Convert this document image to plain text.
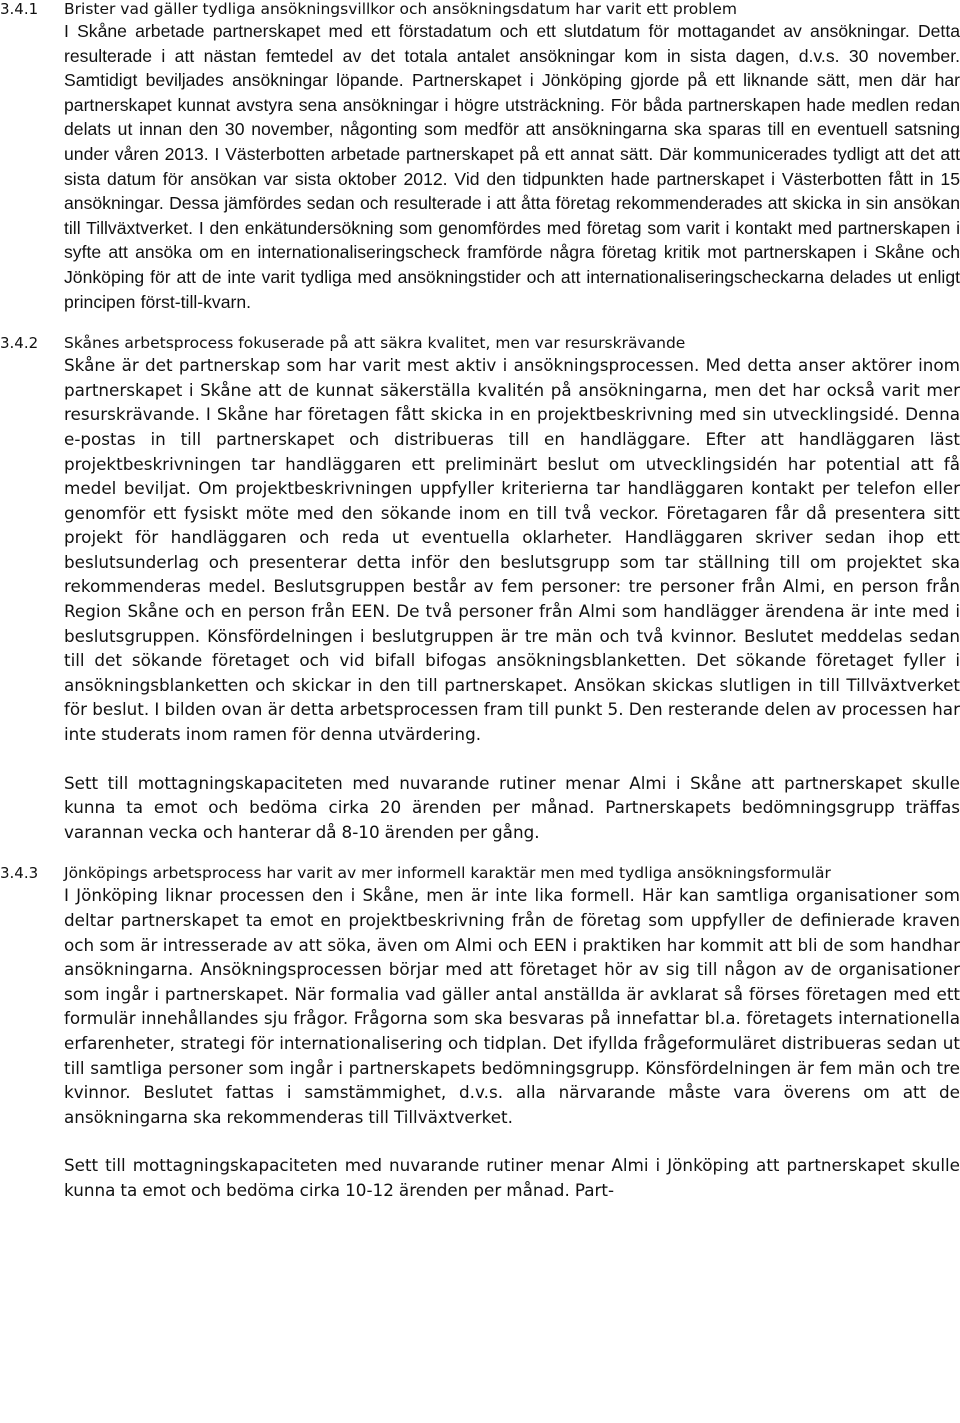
3.4.1 Brister vad gäller tydliga ansökningsvillkor och ansökningsdatum har varit ett problem

I Skåne arbetade partnerskapet med ett förstadatum och ett slutdatum för mottagandet av ansökningar. Detta resulterade i att nästan femtedel av det totala antalet ansökningar kom in sista dagen, d.v.s. 30 november. Samtidigt beviljades ansökningar löpande. Partnerskapet i Jönköping gjorde på ett liknande sätt, men där har partnerskapet kunnat avstyra sena ansökningar i högre utsträckning. För båda partnerskapen hade medlen redan delats ut innan den 30 november, någonting som medför att ansökningarna ska sparas till en eventuell satsning under våren 2013. I Västerbotten arbetade partnerskapet på ett annat sätt. Där kommunicerades tydligt att det att sista datum för ansökan var sista oktober 2012. Vid den tidpunkten hade partnerskapet i Västerbotten fått in 15 ansökningar. Dessa jämfördes sedan och resulterade i att åtta företag rekommenderades att skicka in sin ansökan till Tillväxtverket. I den enkätundersökning som genomfördes med företag som varit i kontakt med partnerskapen i syfte att ansöka om en internationaliseringscheck framförde några företag kritik mot partnerskapen i Skåne och Jönköping för att de inte varit tydliga med ansökningstider och att internationaliseringscheckarna delades ut enligt principen först-till-kvarn.

3.4.2 Skånes arbetsprocess fokuserade på att säkra kvalitet, men var resurskrävande

Skåne är det partnerskap som har varit mest aktiv i ansökningsprocessen. Med detta anser aktörer inom partnerskapet i Skåne att de kunnat säkerställa kvalitén på ansökningarna, men det har också varit mer resurskrävande. I Skåne har företagen fått skicka in en projektbeskrivning med sin utvecklingsidé. Denna e-postas in till partnerskapet och distribueras till en handläggare. Efter att handläggaren läst projektbeskrivningen tar handläggaren ett preliminärt beslut om utvecklingsidén har potential att få medel beviljat. Om projektbeskrivningen uppfyller kriterierna tar handläggaren kontakt per telefon eller genomför ett fysiskt möte med den sökande inom en till två veckor. Företagaren får då presentera sitt projekt för handläggaren och reda ut eventuella oklarheter. Handläggaren skriver sedan ihop ett beslutsunderlag och presenterar detta inför den beslutsgrupp som tar ställning till om projektet ska rekommenderas medel. Beslutsgruppen består av fem personer: tre personer från Almi, en person från Region Skåne och en person från EEN. De två personer från Almi som handlägger ärendena är inte med i beslutsgruppen. Könsfördelningen i beslutgruppen är tre män och två kvinnor. Beslutet meddelas sedan till det sökande företaget och vid bifall bifogas ansökningsblanketten. Det sökande företaget fyller i ansökningsblanketten och skickar in den till partnerskapet. Ansökan skickas slutligen in till Tillväxtverket för beslut. I bilden ovan är detta arbetsprocessen fram till punkt 5. Den resterande delen av processen har inte studerats inom ramen för denna utvärdering.

Sett till mottagningskapaciteten med nuvarande rutiner menar Almi i Skåne att partnerskapet skulle kunna ta emot och bedöma cirka 20 ärenden per månad. Partnerskapets bedömningsgrupp träffas varannan vecka och hanterar då 8-10 ärenden per gång.

3.4.3 Jönköpings arbetsprocess har varit av mer informell karaktär men med tydliga ansökningsformulär

I Jönköping liknar processen den i Skåne, men är inte lika formell. Här kan samtliga organisationer som deltar partnerskapet ta emot en projektbeskrivning från de företag som uppfyller de definierade kraven och som är intresserade av att söka, även om Almi och EEN i praktiken har kommit att bli de som handhar ansökningarna. Ansökningsprocessen börjar med att företaget hör av sig till någon av de organisationer som ingår i partnerskapet. När formalia vad gäller antal anställda är avklarat så förses företagen med ett formulär innehållandes sju frågor. Frågorna som ska besvaras på innefattar bl.a. företagets internationella erfarenheter, strategi för internationalisering och tidplan. Det ifyllda frågeformuläret distribueras sedan ut till samtliga personer som ingår i partnerskapets bedömningsgrupp. Könsfördelningen är fem män och tre kvinnor. Beslutet fattas i samstämmighet, d.v.s. alla närvarande måste vara överens om att de ansökningarna ska rekommenderas till Tillväxtverket.

Sett till mottagningskapaciteten med nuvarande rutiner menar Almi i Jönköping att partnerskapet skulle kunna ta emot och bedöma cirka 10-12 ärenden per månad. Part-
